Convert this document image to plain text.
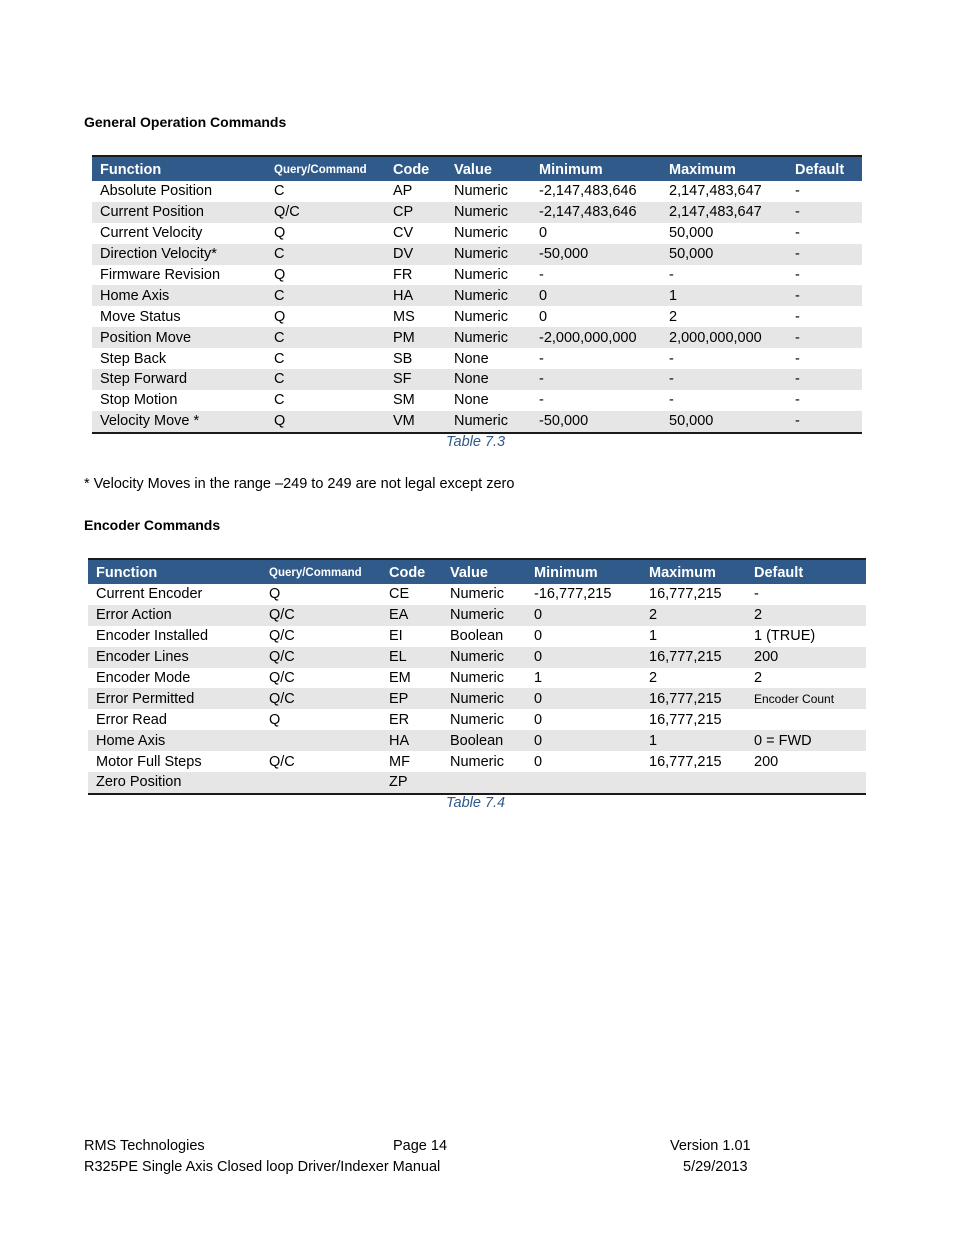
General Operation Commands
Function	Query/Command	Code	Value	Minimum	Maximum	Default
Absolute Position	C	AP	Numeric	-2,147,483,646	2,147,483,647	-
Current Position	Q/C	CP	Numeric	-2,147,483,646	2,147,483,647	-
Current Velocity	Q	CV	Numeric	0	50,000	-
Direction Velocity*	C	DV	Numeric	-50,000	50,000	-
Firmware Revision	Q	FR	Numeric	-	-	-
Home Axis	C	HA	Numeric	0	1	-
Move Status	Q	MS	Numeric	0	2	-
Position Move	C	PM	Numeric	-2,000,000,000	2,000,000,000	-
Step Back	C	SB	None	-	-	-
Step Forward	C	SF	None	-	-	-
Stop Motion	C	SM	None	-	-	-
Velocity Move *	Q	VM	Numeric	-50,000	50,000	-
Table 7.3
* Velocity Moves in the range –249 to 249 are not legal except zero
Encoder Commands
Function	Query/Command	Code	Value	Minimum	Maximum	Default
Current Encoder	Q	CE	Numeric	-16,777,215	16,777,215	-
Error Action	Q/C	EA	Numeric	0	2	2
Encoder Installed	Q/C	EI	Boolean	0	1	1 (TRUE)
Encoder Lines	Q/C	EL	Numeric	0	16,777,215	200
Encoder Mode	Q/C	EM	Numeric	1	2	2
Error Permitted	Q/C	EP	Numeric	0	16,777,215	Encoder Count
Error Read	Q	ER	Numeric	0	16,777,215	
Home Axis		HA	Boolean	0	1	0 = FWD
Motor Full Steps	Q/C	MF	Numeric	0	16,777,215	200
Zero Position		ZP				
Table 7.4
RMS Technologies	Page 14	Version 1.01
R325PE Single Axis Closed loop Driver/Indexer Manual	5/29/2013
